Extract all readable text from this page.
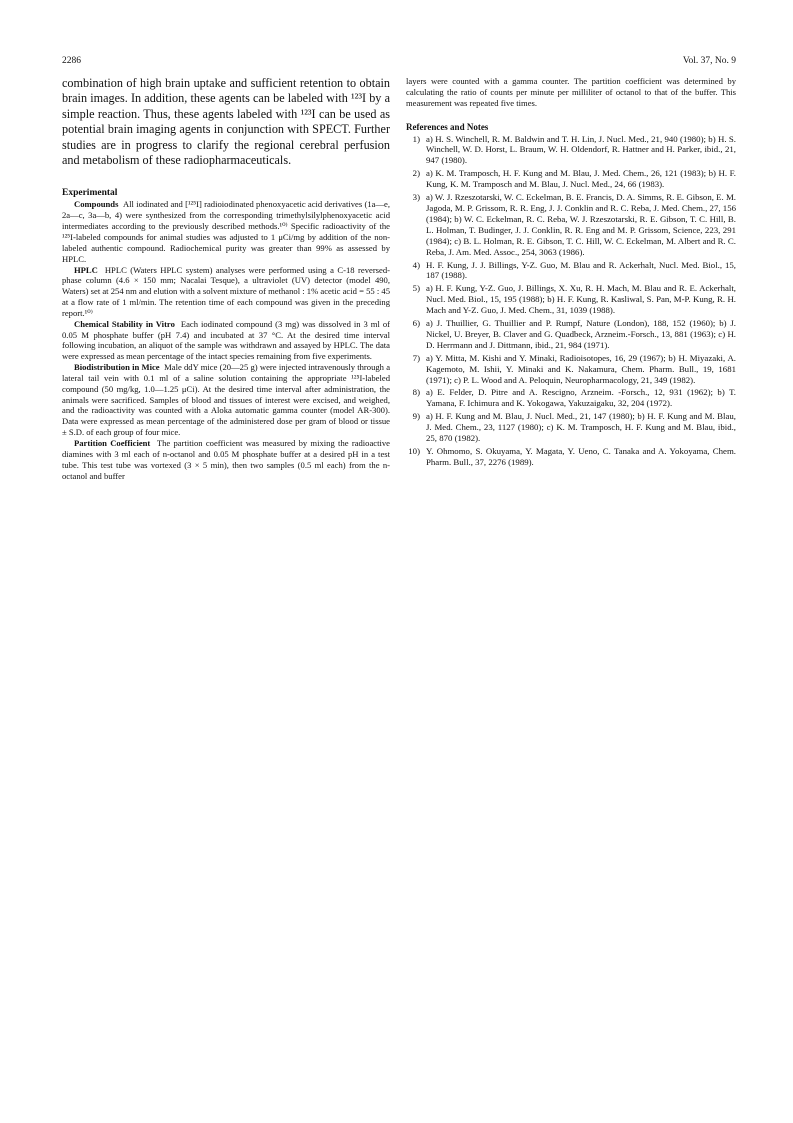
2286	Vol. 37, No. 9

combination of high brain uptake and sufficient retention to obtain brain images. In addition, these agents can be labeled with ¹²³I by a simple reaction. Thus, these agents labeled with ¹²³I can be used as potential brain imaging agents in conjunction with SPECT. Further studies are in progress to clarify the regional cerebral perfusion and metabolism of these radiopharmaceuticals.

Experimental

Compounds All iodinated and [¹²⁵I] radioiodinated phenoxyacetic acid derivatives (1a—e, 2a—c, 3a—b, 4) were synthesized from the corresponding trimethylsilylphenoxyacetic acid intermediates according to the previously described methods.¹⁰⁾ Specific radioactivity of the ¹²⁵I-labeled compounds for animal studies was adjusted to 1 μCi/mg by addition of the non-labeled authentic compound. Radiochemical purity was greater than 99% as assessed by HPLC.

HPLC HPLC (Waters HPLC system) analyses were performed using a C-18 reversed-phase column (4.6 × 150 mm; Nacalai Tesque), a ultraviolet (UV) detector (model 490, Waters) set at 254 nm and elution with a solvent mixture of methanol : 1% acetic acid = 55 : 45 at a flow rate of 1 ml/min. The retention time of each compound was given in the preceding report.¹⁰⁾

Chemical Stability in Vitro Each iodinated compound (3 mg) was dissolved in 3 ml of 0.05 M phosphate buffer (pH 7.4) and incubated at 37 °C. At the desired time interval following incubation, an aliquot of the sample was withdrawn and assayed by HPLC. The data were expressed as mean percentage of the intact species remaining from five experiments.

Biodistribution in Mice Male ddY mice (20—25 g) were injected intravenously through a lateral tail vein with 0.1 ml of a saline solution containing the appropriate ¹²⁵I-labeled compound (50 mg/kg, 1.0—1.25 μCi). At the desired time interval after administration, the animals were sacrificed. Samples of blood and tissues of interest were excised, and weighed, and the radioactivity was counted with a Aloka automatic gamma counter (model AR-300). Data were expressed as mean percentage of the administered dose per gram of blood or tissue ± S.D. of each group of four mice.

Partition Coefficient The partition coefficient was measured by mixing the radioactive diamines with 3 ml each of n-octanol and 0.05 M phosphate buffer at a desired pH in a test tube. This test tube was vortexed (3 × 5 min), then two samples (0.5 ml each) from the n-octanol and buffer

layers were counted with a gamma counter. The partition coefficient was determined by calculating the ratio of counts per minute per milliliter of octanol to that of the buffer. This measurement was repeated five times.

References and Notes
1) a) H. S. Winchell, R. M. Baldwin and T. H. Lin, J. Nucl. Med., 21, 940 (1980); b) H. S. Winchell, W. D. Horst, L. Braum, W. H. Oldendorf, R. Hattner and H. Parker, ibid., 21, 947 (1980).
2) a) K. M. Tramposch, H. F. Kung and M. Blau, J. Med. Chem., 26, 121 (1983); b) H. F. Kung, K. M. Tramposch and M. Blau, J. Nucl. Med., 24, 66 (1983).
3) a) W. J. Rzeszotarski, W. C. Eckelman, B. E. Francis, D. A. Simms, R. E. Gibson, E. M. Jagoda, M. P. Grissom, R. R. Eng, J. J. Conklin and R. C. Reba, J. Med. Chem., 27, 156 (1984); b) W. C. Eckelman, R. C. Reba, W. J. Rzeszotarski, R. E. Gibson, T. C. Hill, B. L. Holman, T. Budinger, J. J. Conklin, R. R. Eng and M. P. Grissom, Science, 223, 291 (1984); c) B. L. Holman, R. E. Gibson, T. C. Hill, W. C. Eckelman, M. Albert and R. C. Reba, J. Am. Med. Assoc., 254, 3063 (1986).
4) H. F. Kung, J. J. Billings, Y-Z. Guo, M. Blau and R. Ackerhalt, Nucl. Med. Biol., 15, 187 (1988).
5) a) H. F. Kung, Y-Z. Guo, J. Billings, X. Xu, R. H. Mach, M. Blau and R. E. Ackerhalt, Nucl. Med. Biol., 15, 195 (1988); b) H. F. Kung, R. Kasliwal, S. Pan, M-P. Kung, R. H. Mach and Y-Z. Guo, J. Med. Chem., 31, 1039 (1988).
6) a) J. Thuillier, G. Thuillier and P. Rumpf, Nature (London), 188, 152 (1960); b) J. Nickel, U. Breyer, B. Claver and G. Quadbeck, Arzneim.-Forsch., 13, 881 (1963); c) H. D. Herrmann and J. Dittmann, ibid., 21, 984 (1971).
7) a) Y. Mitta, M. Kishi and Y. Minaki, Radioisotopes, 16, 29 (1967); b) H. Miyazaki, A. Kagemoto, M. Ishii, Y. Minaki and K. Nakamura, Chem. Pharm. Bull., 19, 1681 (1971); c) P. L. Wood and A. Peloquin, Neuropharmacology, 21, 349 (1982).
8) a) E. Felder, D. Pitre and A. Rescigno, Arzneim. -Forsch., 12, 931 (1962); b) T. Yamana, F. Ichimura and K. Yokogawa, Yakuzaigaku, 32, 204 (1972).
9) a) H. F. Kung and M. Blau, J. Nucl. Med., 21, 147 (1980); b) H. F. Kung and M. Blau, J. Med. Chem., 23, 1127 (1980); c) K. M. Tramposch, H. F. Kung and M. Blau, ibid., 25, 870 (1982).
10) Y. Ohmomo, S. Okuyama, Y. Magata, Y. Ueno, C. Tanaka and A. Yokoyama, Chem. Pharm. Bull., 37, 2276 (1989).
